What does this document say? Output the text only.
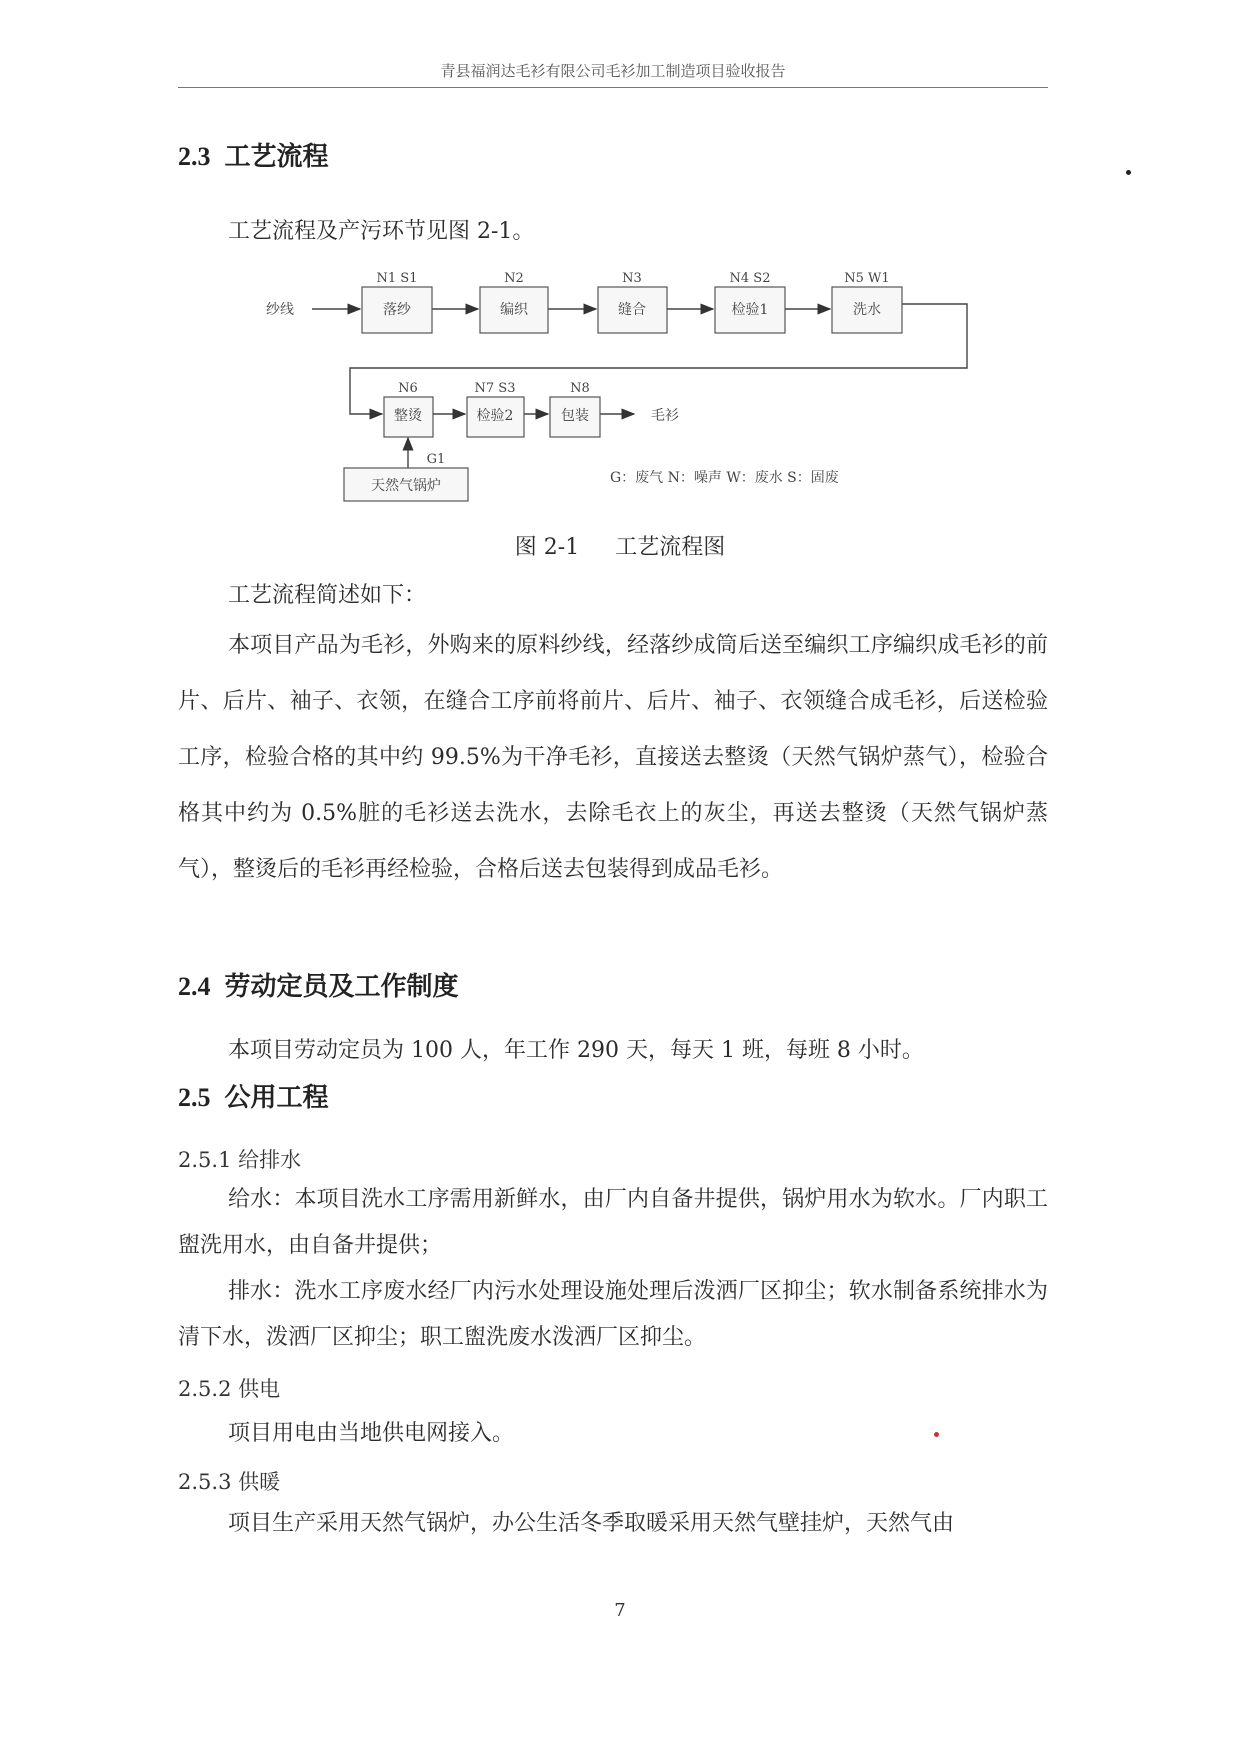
青县福润达毛衫有限公司毛衫加工制造项目验收报告
2.3 工艺流程
工艺流程及产污环节见图 2-1。
纱线	落纱	编织	缝合	检验1	洗水
整烫	检验2	包装	毛衫
天然气锅炉
N1 S1	N2	N3	N4 S2	N5 W1
N6	N7 S3	N8
G1
G：废气 N：噪声 W：废水 S：固废
图 2-1 工艺流程图
工艺流程简述如下：
本项目产品为毛衫，外购来的原料纱线，经落纱成筒后送至编织工序编织成毛衫的前片、后片、袖子、衣领，在缝合工序前将前片、后片、袖子、衣领缝合成毛衫，后送检验工序，检验合格的其中约 99.5%为干净毛衫，直接送去整烫（天然气锅炉蒸气），检验合格其中约为 0.5%脏的毛衫送去洗水，去除毛衣上的灰尘，再送去整烫（天然气锅炉蒸气），整烫后的毛衫再经检验，合格后送去包装得到成品毛衫。
2.4 劳动定员及工作制度
本项目劳动定员为 100 人，年工作 290 天，每天 1 班，每班 8 小时。
2.5 公用工程
2.5.1 给排水
给水：本项目洗水工序需用新鲜水，由厂内自备井提供，锅炉用水为软水。厂内职工盥洗用水，由自备井提供；
排水：洗水工序废水经厂内污水处理设施处理后泼洒厂区抑尘；软水制备系统排水为清下水，泼洒厂区抑尘；职工盥洗废水泼洒厂区抑尘。
2.5.2 供电
项目用电由当地供电网接入。
2.5.3 供暖
项目生产采用天然气锅炉，办公生活冬季取暖采用天然气壁挂炉，天然气由
7
